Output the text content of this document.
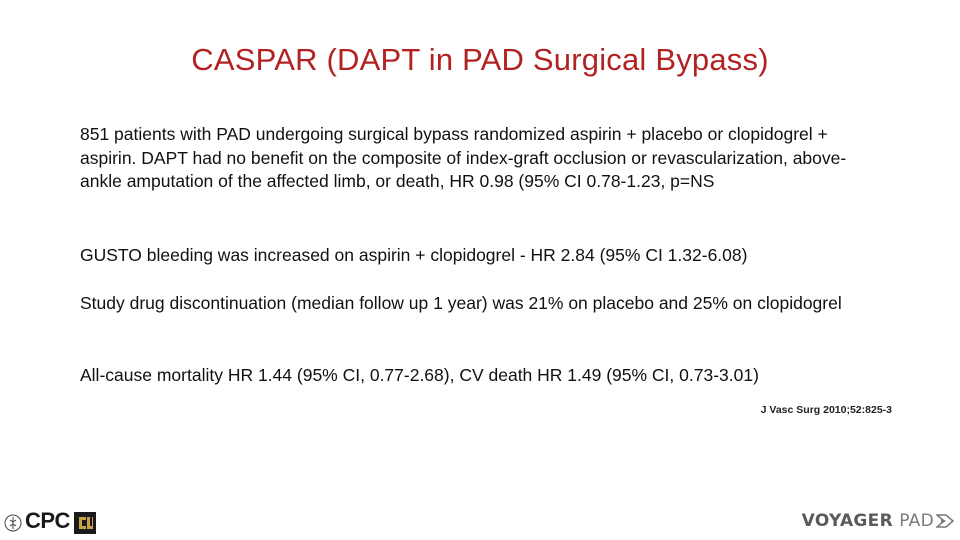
CASPAR (DAPT in PAD Surgical Bypass)

851 patients with PAD undergoing surgical bypass randomized aspirin + placebo or clopidogrel + aspirin. DAPT had no benefit on the composite of index-graft occlusion or revascularization, above-ankle amputation of the affected limb, or death, HR 0.98 (95% CI 0.78-1.23, p=NS

GUSTO bleeding was increased on aspirin + clopidogrel - HR 2.84 (95% CI 1.32-6.08)

Study drug discontinuation (median follow up 1 year) was 21% on placebo and 25% on clopidogrel

All-cause mortality HR 1.44 (95% CI, 0.77-2.68), CV death HR 1.49 (95% CI, 0.73-3.01)

J Vasc Surg 2010;52:825-3
CPC
	VOYAGER PAD
